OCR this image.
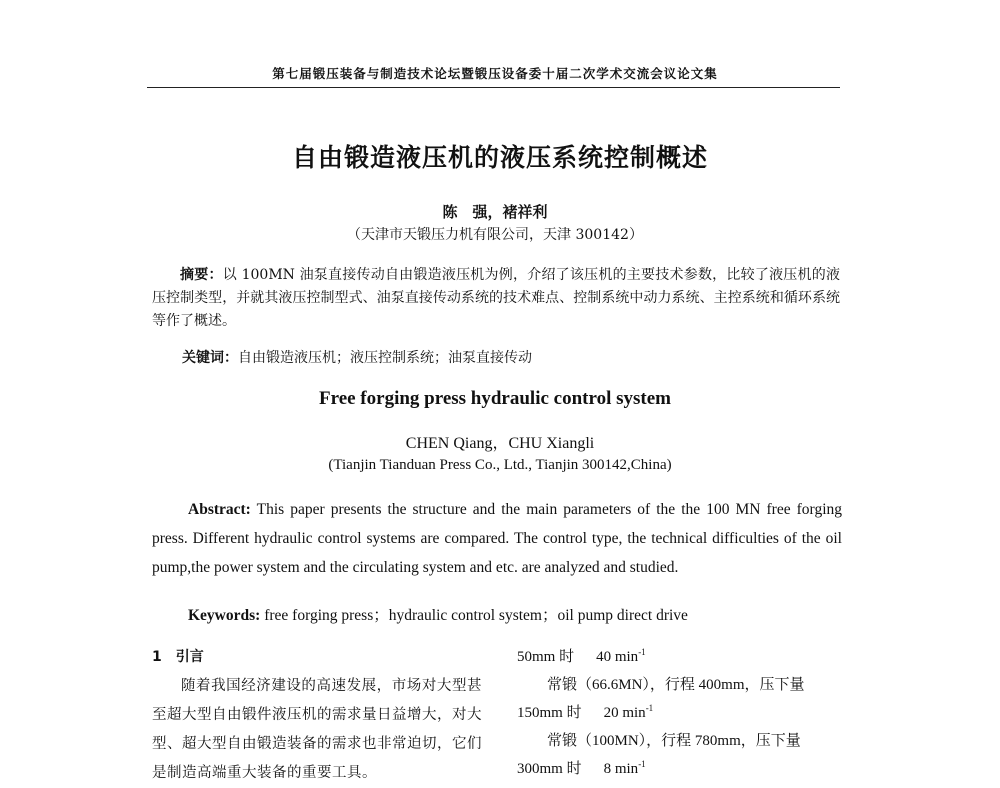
第七届锻压装备与制造技术论坛暨锻压设备委十届二次学术交流会议论文集
自由锻造液压机的液压系统控制概述
陈　强，褚祥利
（天津市天锻压力机有限公司，天津 300142）

摘要：以 100MN 油泵直接传动自由锻造液压机为例，介绍了该压机的主要技术参数，比较了液压机的液压控制类型，并就其液压控制型式、油泵直接传动系统的技术难点、控制系统中动力系统、主控系统和循环系统等作了概述。

关键词：自由锻造液压机；液压控制系统；油泵直接传动

Free forging press hydraulic control system
CHEN Qiang，CHU Xiangli
(Tianjin Tianduan Press Co., Ltd., Tianjin 300142,China)

Abstract: This paper presents the structure and the main parameters of the the 100 MN free forging press. Different hydraulic control systems are compared. The control type, the technical difficulties of the oil pump,the power system and the circulating system and etc. are analyzed and studied.

Keywords: free forging press；hydraulic control system；oil pump direct drive

1 引言

随着我国经济建设的高速发展，市场对大型甚至超大型自由锻件液压机的需求量日益增大，对大型、超大型自由锻造装备的需求也非常迫切，它们是制造高端重大装备的重要工具。

50mm 时 40 $\min^{-1}$
常锻（66.6MN），行程 400mm，压下量
150mm 时 20 $\min^{-1}$
常锻（100MN），行程 780mm，压下量
300mm 时 8 $\min^{-1}$
